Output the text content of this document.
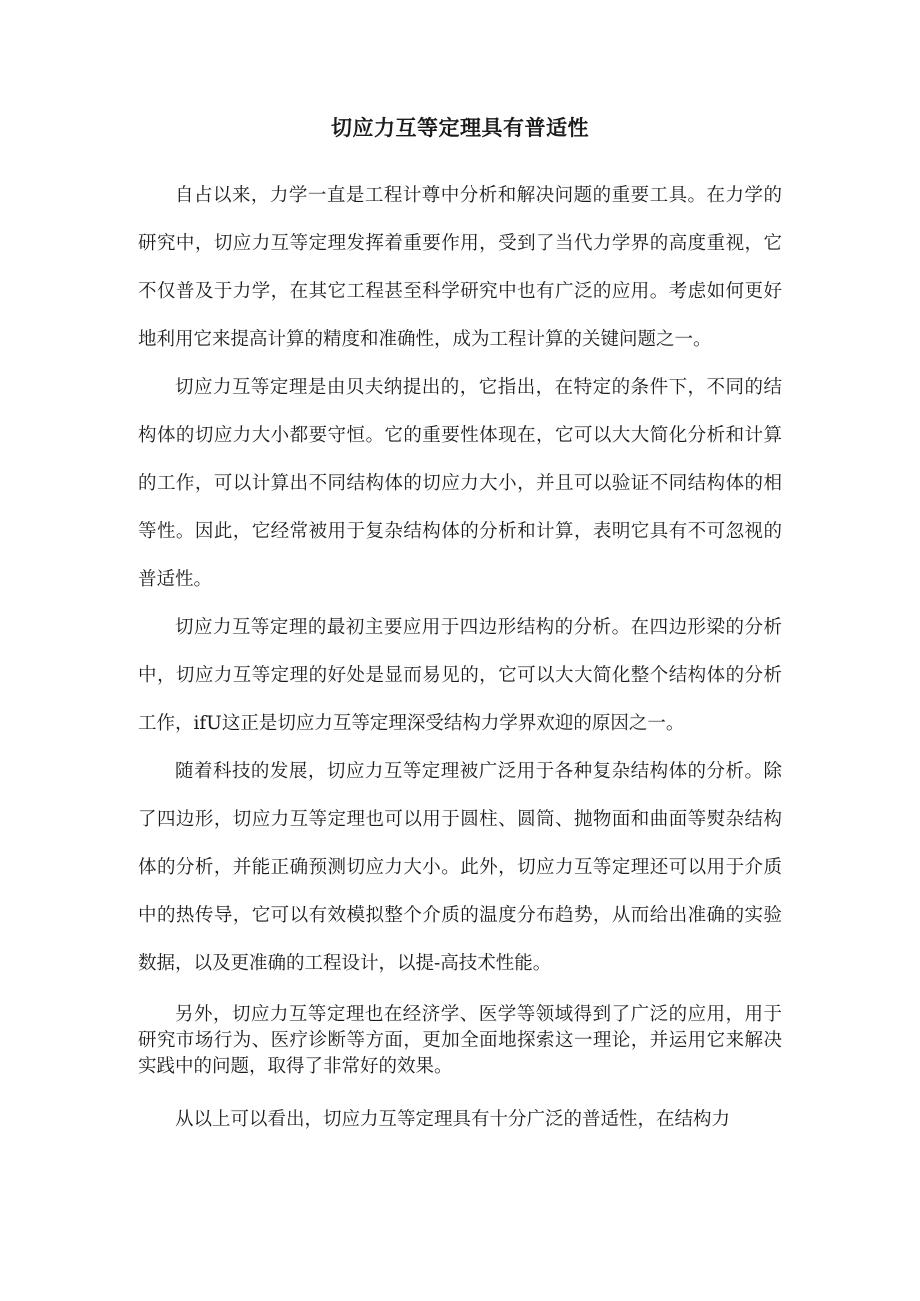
切应力互等定理具有普适性

自占以来，力学一直是工程计尊中分析和解决问题的重要工具。在力学的研究中，切应力互等定理发挥着重要作用，受到了当代力学界的高度重视，它不仅普及于力学，在其它工程甚至科学研究中也有广泛的应用。考虑如何更好地利用它来提高计算的精度和准确性，成为工程计算的关键问题之一。

切应力互等定理是由贝夫纳提出的，它指出，在特定的条件下，不同的结构体的切应力大小都要守恒。它的重要性体现在，它可以大大简化分析和计算的工作，可以计算出不同结构体的切应力大小，并且可以验证不同结构体的相等性。因此，它经常被用于复杂结构体的分析和计算，表明它具有不可忽视的普适性。

切应力互等定理的最初主要应用于四边形结构的分析。在四边形梁的分析中，切应力互等定理的好处是显而易见的，它可以大大简化整个结构体的分析工作，ifU这正是切应力互等定理深受结构力学界欢迎的原因之一。

随着科技的发展，切应力互等定理被广泛用于各种复杂结构体的分析。除了四边形，切应力互等定理也可以用于圆柱、圆筒、抛物面和曲面等熨杂结构体的分析，并能正确预测切应力大小。此外，切应力互等定理还可以用于介质中的热传导，它可以有效模拟整个介质的温度分布趋势，从而给出准确的实验数据，以及更准确的工程设计，以提-高技术性能。

另外，切应力互等定理也在经济学、医学等领域得到了广泛的应用，用于研究市场行为、医疗诊断等方面，更加全面地探索这一理论，并运用它来解决实践中的问题，取得了非常好的效果。

从以上可以看出，切应力互等定理具有十分广泛的普适性，在结构力
